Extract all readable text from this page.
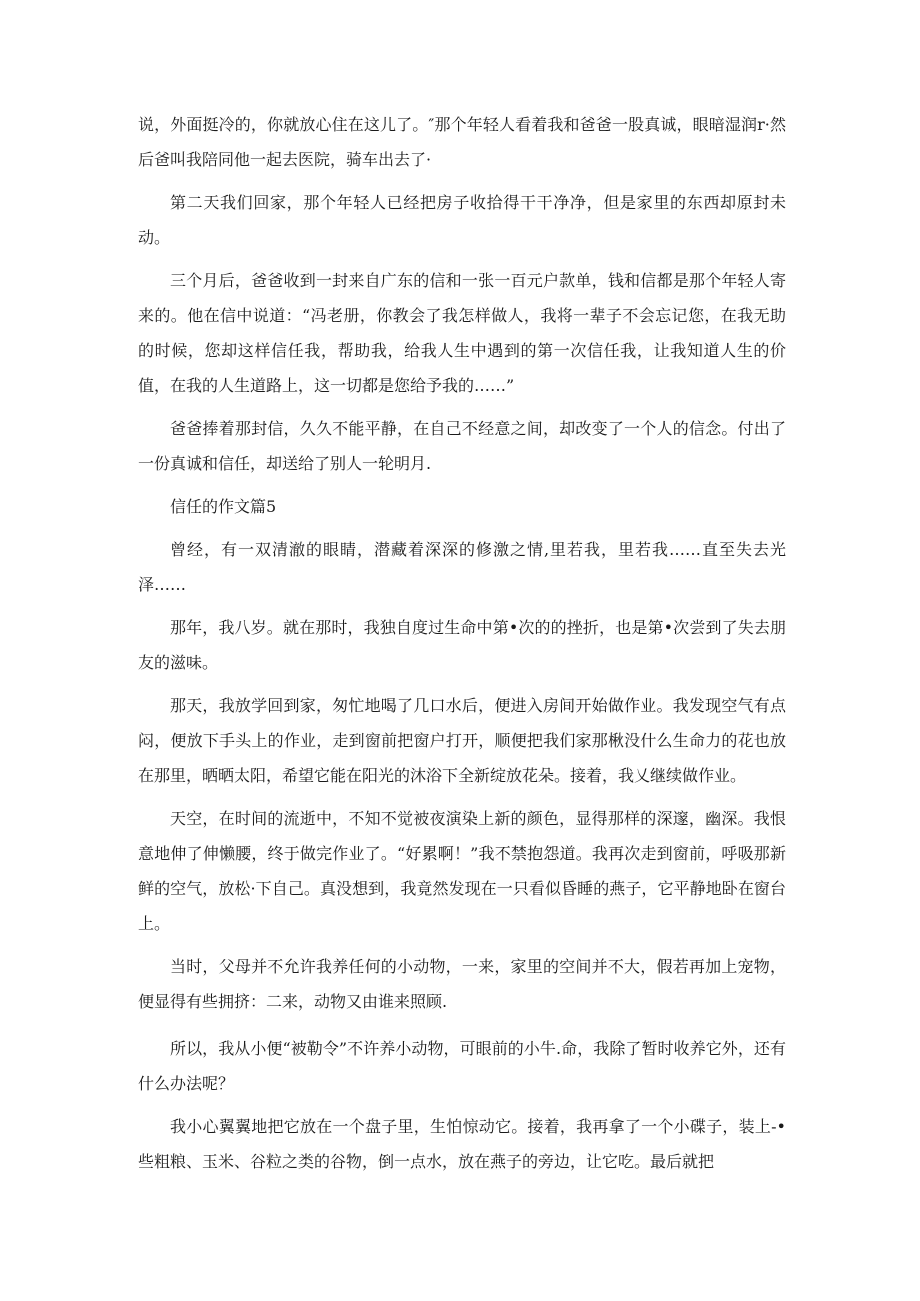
说，外面挺冷的，你就放心住在这儿了。″那个年轻人看着我和爸爸一股真诚，眼暗湿润r·然后爸叫我陪同他一起去医院，骑车出去了·

第二天我们回家，那个年轻人已经把房子收拾得干干净净，但是家里的东西却原封未动。

三个月后，爸爸收到一封来自广东的信和一张一百元户款单，钱和信都是那个年轻人寄来的。他在信中说道：“冯老册，你教会了我怎样做人，我将一辈子不会忘记您，在我无助的时候，您却这样信任我，帮助我，给我人生中遇到的第一次信任我，让我知道人生的价值，在我的人生道路上，这一切都是您给予我的……”

爸爸捧着那封信，久久不能平静，在自己不经意之间，却改变了一个人的信念。付出了一份真诚和信任，却送给了别人一轮明月.

信任的作文篇5

曾经，有一双清澈的眼睛，潜藏着深深的修激之情,里若我，里若我……直至失去光泽……

那年，我八岁。就在那时，我独自度过生命中第•次的的挫折，也是第•次尝到了失去朋友的滋味。

那天，我放学回到家，匆忙地喝了几口水后，便进入房间开始做作业。我发现空气有点闷，便放下手头上的作业，走到窗前把窗户打开，顺便把我们家那楸没什么生命力的花也放在那里，晒晒太阳，希望它能在阳光的沐浴下全新绽放花朵。接着，我乂继续做作业。

天空，在时间的流逝中，不知不觉被夜演染上新的颜色，显得那样的深邃，幽深。我恨意地伸了伸懒腰，终于做完作业了。“好累啊！”我不禁抱怨道。我再次走到窗前，呼吸那新鲜的空气，放松·下自己。真没想到，我竟然发现在一只看似昏睡的燕子，它平静地卧在窗台上。

当时，父母并不允许我养任何的小动物，一来，家里的空间并不大，假若再加上宠物，便显得有些拥挤：二来，动物又由谁来照顾.

所以，我从小便“被勒令”不许养小动物，可眼前的小牛.命，我除了暂时收养它外，还有什么办法呢？

我小心翼翼地把它放在一个盘子里，生怕惊动它。接着，我再拿了一个小碟子，装上-•些粗粮、玉米、谷粒之类的谷物，倒一点水，放在燕子的旁边，让它吃。最后就把
